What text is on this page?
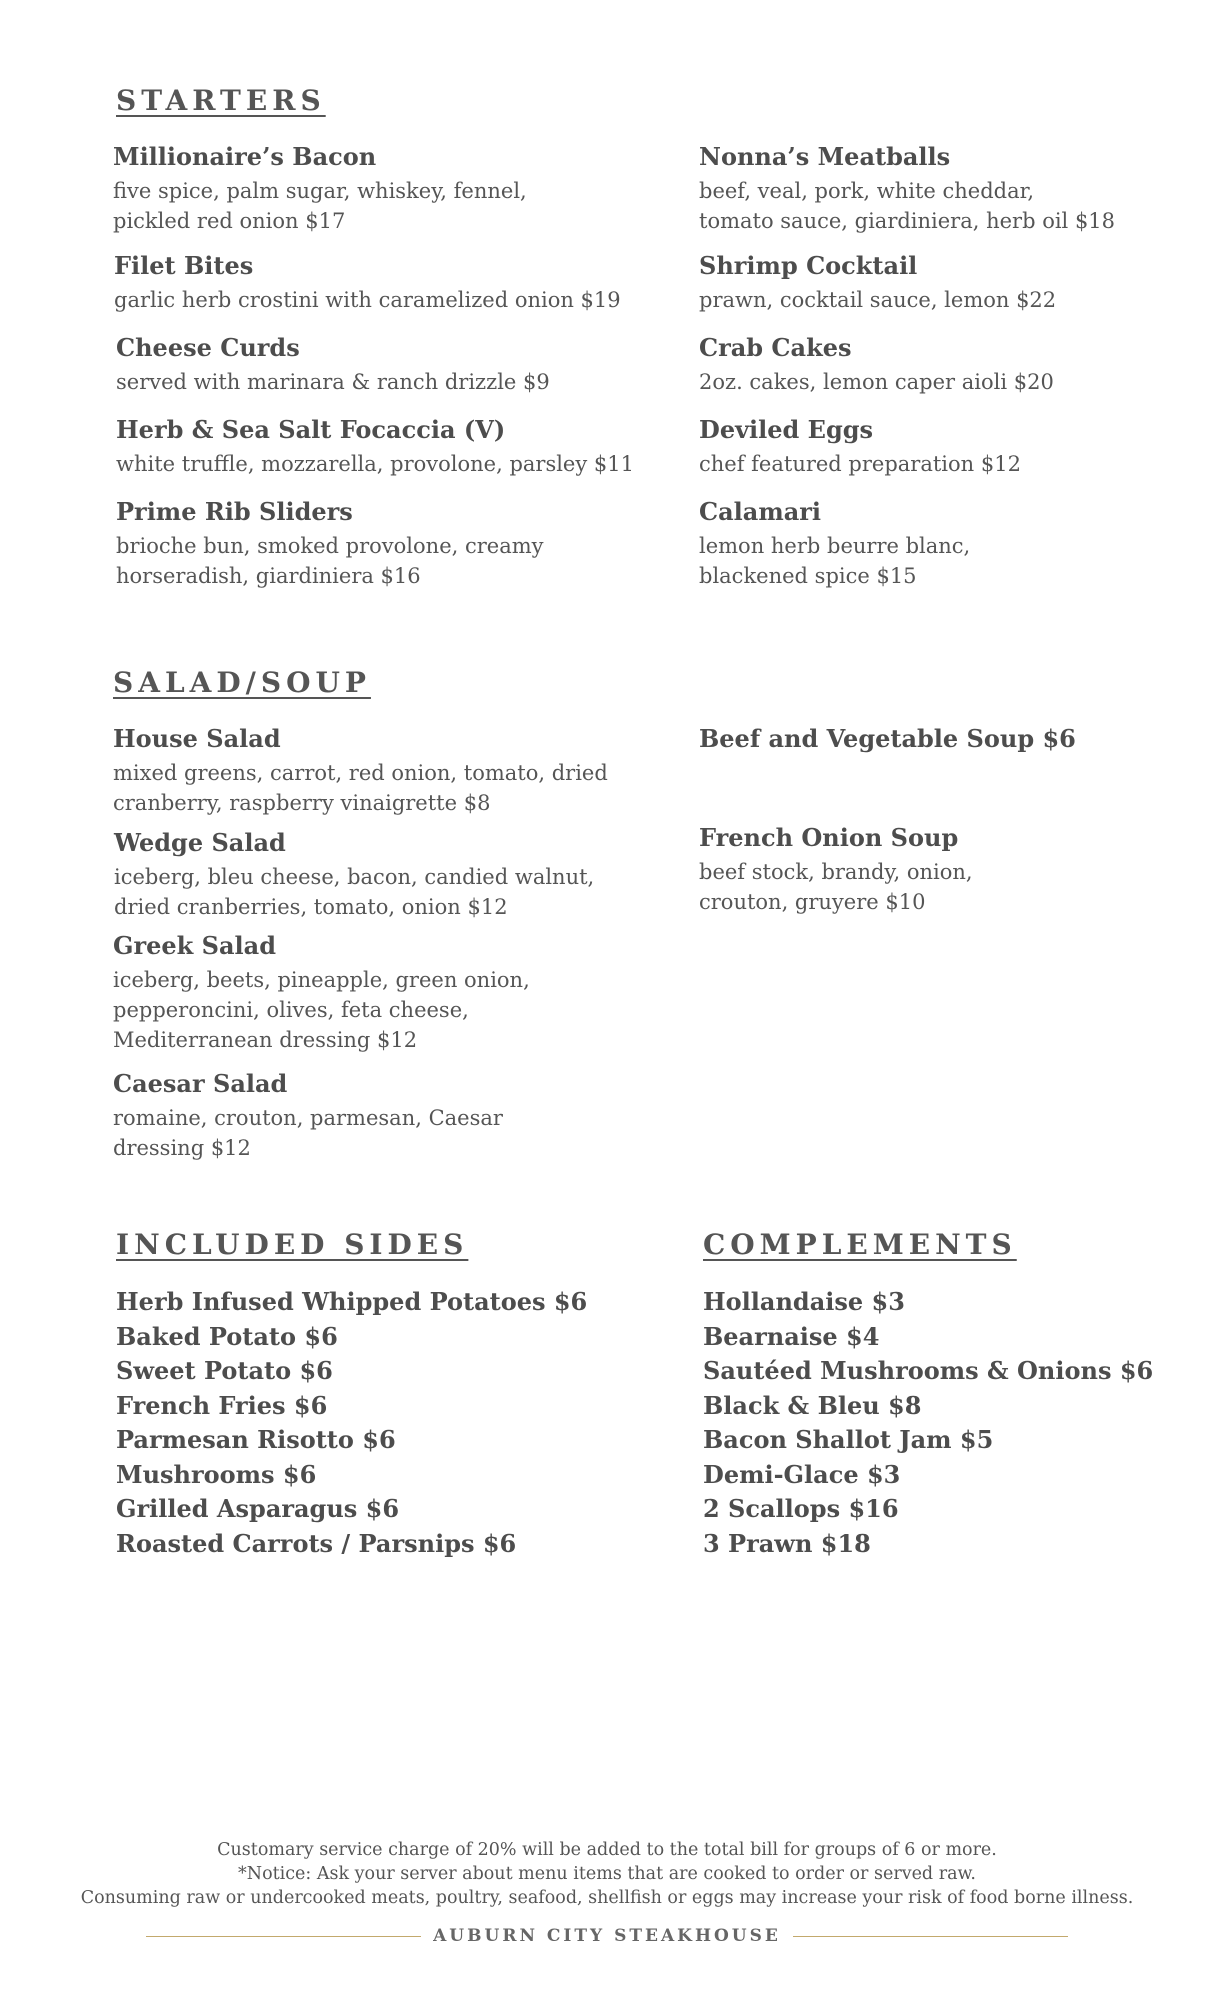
STARTERS
Millionaire’s Bacon
five spice, palm sugar, whiskey, fennel,
pickled red onion $17
Filet Bites
garlic herb crostini with caramelized onion $19
Cheese Curds
served with marinara & ranch drizzle $9
Herb & Sea Salt Focaccia (V)
white truffle, mozzarella, provolone, parsley $11
Prime Rib Sliders
brioche bun, smoked provolone, creamy
horseradish, giardiniera $16
Nonna’s Meatballs
beef, veal, pork, white cheddar,
tomato sauce, giardiniera, herb oil $18
Shrimp Cocktail
prawn, cocktail sauce, lemon $22
Crab Cakes
2oz. cakes, lemon caper aioli $20
Deviled Eggs
chef featured preparation $12
Calamari
lemon herb beurre blanc,
blackened spice $15
SALAD/SOUP
House Salad
mixed greens, carrot, red onion, tomato, dried
cranberry, raspberry vinaigrette $8
Wedge Salad
iceberg, bleu cheese, bacon, candied walnut,
dried cranberries, tomato, onion $12
Greek Salad
iceberg, beets, pineapple, green onion,
pepperoncini, olives, feta cheese,
Mediterranean dressing $12
Caesar Salad
romaine, crouton, parmesan, Caesar
dressing $12
Beef and Vegetable Soup $6
French Onion Soup
beef stock, brandy, onion,
crouton, gruyere $10
INCLUDED SIDES
Herb Infused Whipped Potatoes $6
Baked Potato $6
Sweet Potato $6
French Fries $6
Parmesan Risotto $6
Mushrooms $6
Grilled Asparagus $6
Roasted Carrots / Parsnips $6
COMPLEMENTS
Hollandaise $3
Bearnaise $4
Sautéed Mushrooms & Onions $6
Black & Bleu $8
Bacon Shallot Jam $5
Demi-Glace $3
2 Scallops $16
3 Prawn $18
Customary service charge of 20% will be added to the total bill for groups of 6 or more.
*Notice: Ask your server about menu items that are cooked to order or served raw.
Consuming raw or undercooked meats, poultry, seafood, shellfish or eggs may increase your risk of food borne illness.
AUBURN CITY STEAKHOUSE
